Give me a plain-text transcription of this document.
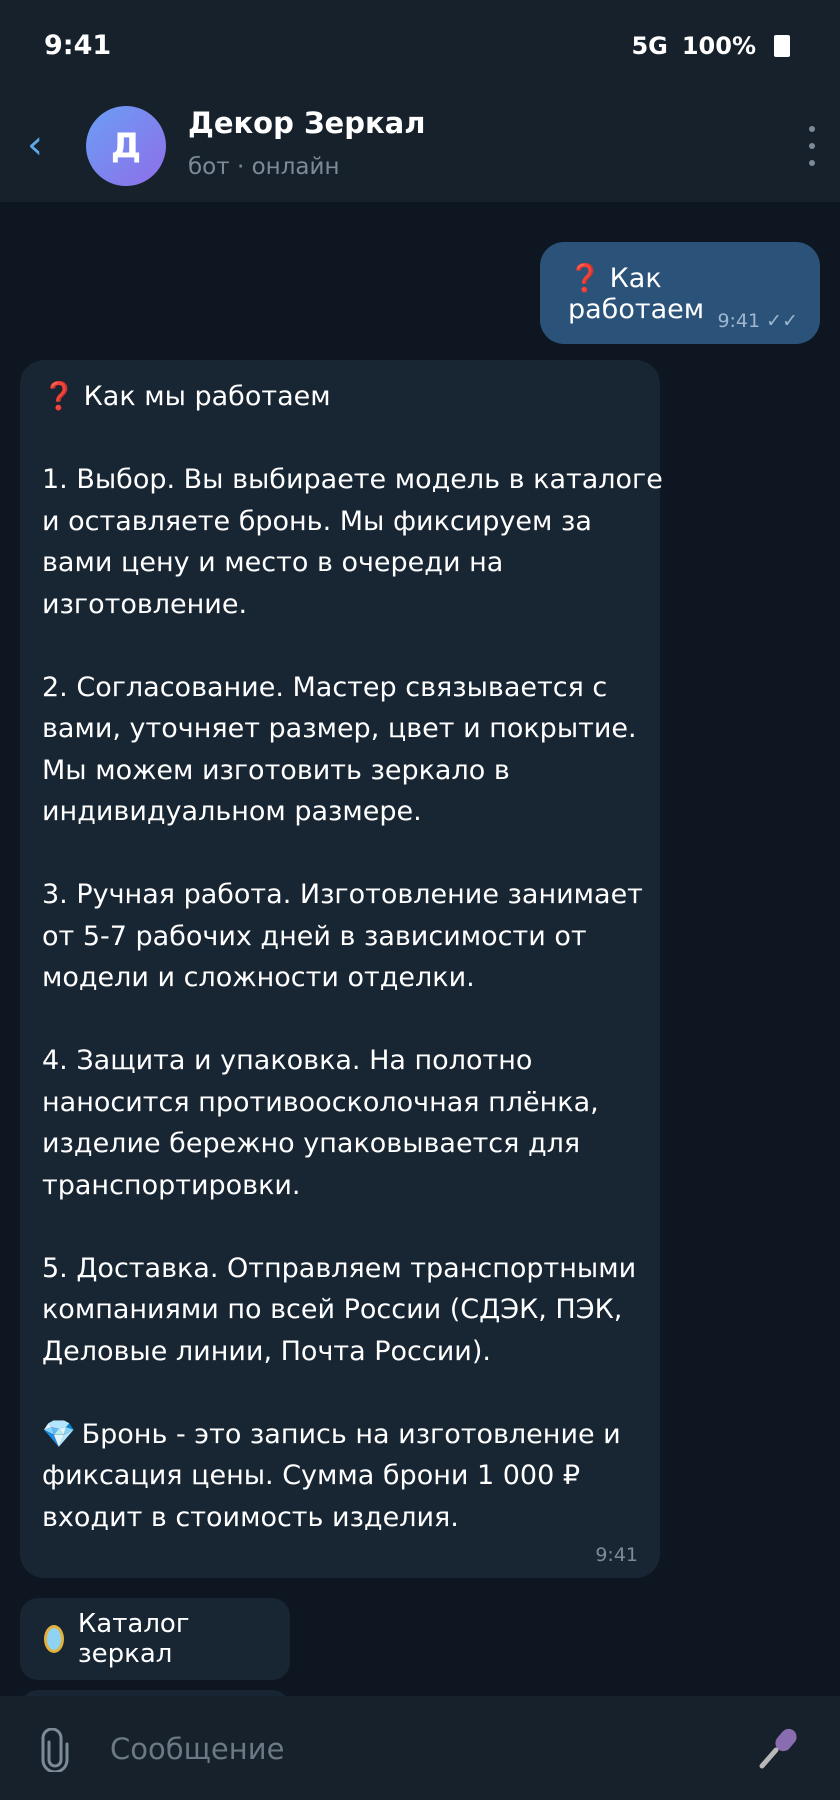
9:41	5G 100%
‹	Д
Декор Зеркал
бот · онлайн
❓ Как работаем 9:41 ✓✓
❓ Как мы работаем
1. Выбор. Вы выбираете модель в каталоге
и оставляете бронь. Мы фиксируем за
вами цену и место в очереди на
изготовление.
2. Согласование. Мастер связывается с
вами, уточняет размер, цвет и покрытие.
Мы можем изготовить зеркало в
индивидуальном размере.
3. Ручная работа. Изготовление занимает
от 5-7 рабочих дней в зависимости от
модели и сложности отделки.
4. Защита и упаковка. На полотно
наносится противоосколочная плёнка,
изделие бережно упаковывается для
транспортировки.
5. Доставка. Отправляем транспортными
компаниями по всей России (СДЭК, ПЭК,
Деловые линии, Почта России).
💎 Бронь - это запись на изготовление и
фиксация цены. Сумма брони 1 000 ₽
входит в стоимость изделия.
9:41
Каталог зеркал
Сообщение
